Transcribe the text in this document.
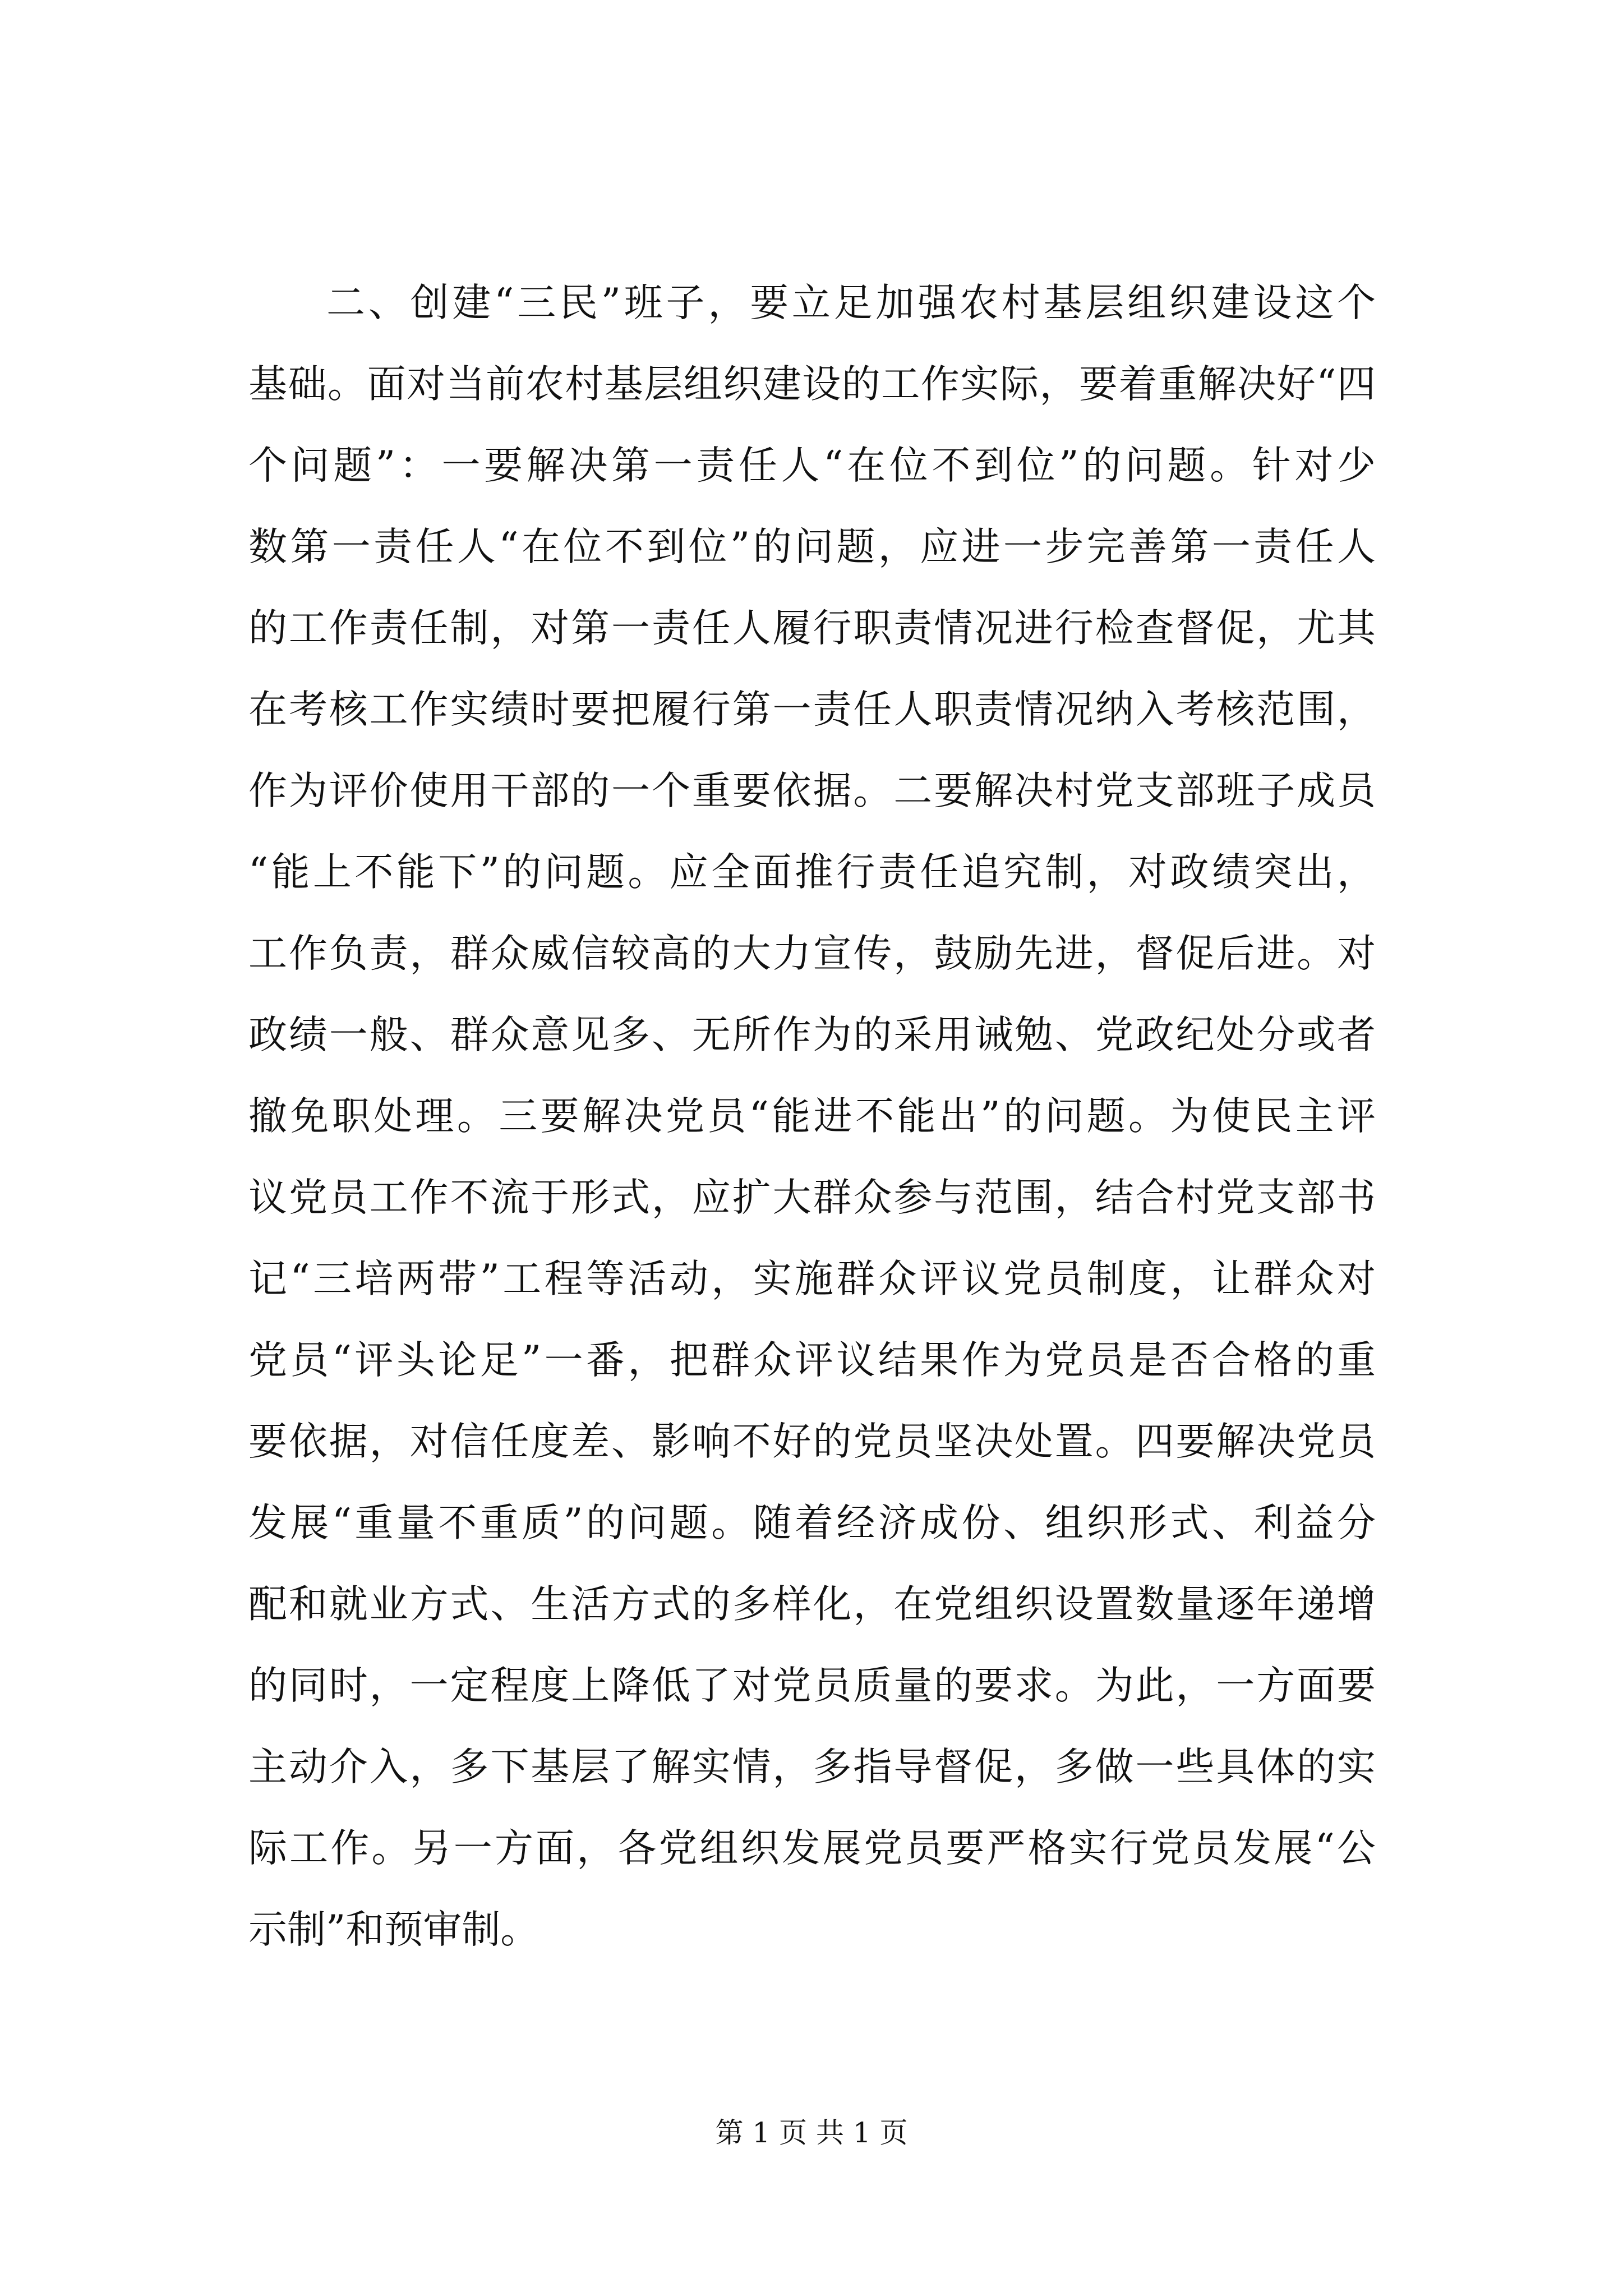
二、创建“三民”班子，要立足加强农村基层组织建设这个
基础。面对当前农村基层组织建设的工作实际，要着重解决好“四
个问题”：一要解决第一责任人“在位不到位”的问题。针对少
数第一责任人“在位不到位”的问题，应进一步完善第一责任人
的工作责任制，对第一责任人履行职责情况进行检查督促，尤其
在考核工作实绩时要把履行第一责任人职责情况纳入考核范围，
作为评价使用干部的一个重要依据。二要解决村党支部班子成员
“能上不能下”的问题。应全面推行责任追究制，对政绩突出，
工作负责，群众威信较高的大力宣传，鼓励先进，督促后进。对
政绩一般、群众意见多、无所作为的采用诫勉、党政纪处分或者
撤免职处理。三要解决党员“能进不能出”的问题。为使民主评
议党员工作不流于形式，应扩大群众参与范围，结合村党支部书
记“三培两带”工程等活动，实施群众评议党员制度，让群众对
党员“评头论足”一番，把群众评议结果作为党员是否合格的重
要依据，对信任度差、影响不好的党员坚决处置。四要解决党员
发展“重量不重质”的问题。随着经济成份、组织形式、利益分
配和就业方式、生活方式的多样化，在党组织设置数量逐年递增
的同时，一定程度上降低了对党员质量的要求。为此，一方面要
主动介入，多下基层了解实情，多指导督促，多做一些具体的实
际工作。另一方面，各党组织发展党员要严格实行党员发展“公
示制”和预审制。
第 1 页 共 1 页
